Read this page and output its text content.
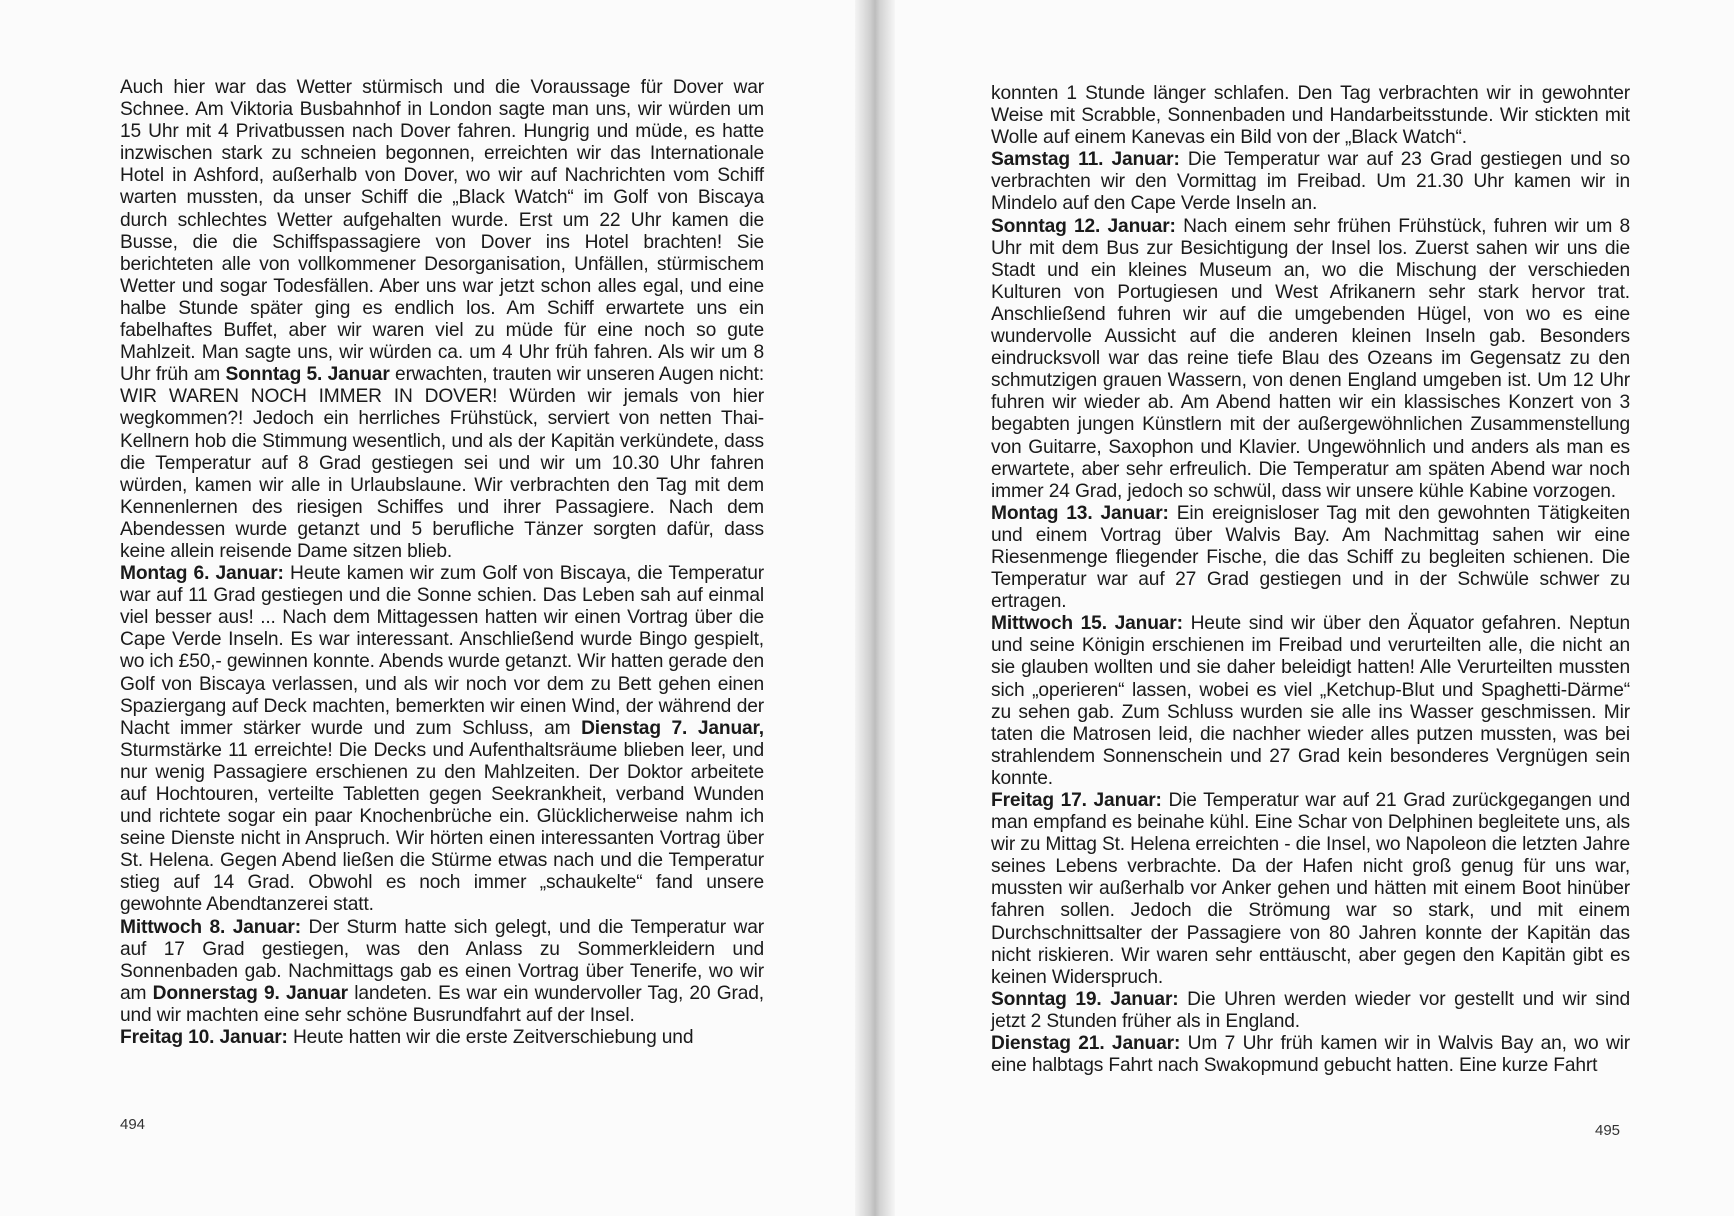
Auch hier war das Wetter stürmisch und die Voraussage für Dover war Schnee. Am Viktoria Busbahnhof in London sagte man uns, wir würden um 15 Uhr mit 4 Privatbussen nach Dover fahren. Hungrig und müde, es hatte inzwischen stark zu schneien begonnen, erreichten wir das Internationale Hotel in Ashford, außerhalb von Dover, wo wir auf Nachrichten vom Schiff warten mussten, da unser Schiff die „Black Watch“ im Golf von Biscaya durch schlechtes Wetter aufgehalten wurde. Erst um 22 Uhr kamen die Busse, die die Schiffspassagiere von Dover ins Hotel brachten! Sie berichteten alle von vollkommener Desorganisation, Unfällen, stürmischem Wetter und sogar Todesfällen. Aber uns war jetzt schon alles egal, und eine halbe Stunde später ging es endlich los. Am Schiff erwartete uns ein fabelhaftes Buffet, aber wir waren viel zu müde für eine noch so gute Mahlzeit. Man sagte uns, wir würden ca. um 4 Uhr früh fahren. Als wir um 8 Uhr früh am Sonntag 5. Januar erwachten, trauten wir unseren Augen nicht: WIR WAREN NOCH IMMER IN DOVER! Würden wir jemals von hier wegkommen?! Jedoch ein herrliches Frühstück, serviert von netten Thai-Kellnern hob die Stimmung wesentlich, und als der Kapitän verkündete, dass die Temperatur auf 8 Grad gestiegen sei und wir um 10.30 Uhr fahren würden, kamen wir alle in Urlaubslaune. Wir verbrachten den Tag mit dem Kennenlernen des riesigen Schiffes und ihrer Passagiere. Nach dem Abendessen wurde getanzt und 5 berufliche Tänzer sorgten dafür, dass keine allein reisende Dame sitzen blieb.

Montag 6. Januar: Heute kamen wir zum Golf von Biscaya, die Temperatur war auf 11 Grad gestiegen und die Sonne schien. Das Leben sah auf einmal viel besser aus! ... Nach dem Mittagessen hatten wir einen Vortrag über die Cape Verde Inseln. Es war interessant. Anschließend wurde Bingo gespielt, wo ich £50,- gewinnen konnte. Abends wurde getanzt. Wir hatten gerade den Golf von Biscaya verlassen, und als wir noch vor dem zu Bett gehen einen Spaziergang auf Deck machten, bemerkten wir einen Wind, der während der Nacht immer stärker wurde und zum Schluss, am Dienstag 7. Januar, Sturmstärke 11 erreichte! Die Decks und Aufenthaltsräume blieben leer, und nur wenig Passagiere erschienen zu den Mahlzeiten. Der Doktor arbeitete auf Hochtouren, verteilte Tabletten gegen Seekrankheit, verband Wunden und richtete sogar ein paar Knochenbrüche ein. Glücklicherweise nahm ich seine Dienste nicht in Anspruch. Wir hörten einen interessanten Vortrag über St. Helena. Gegen Abend ließen die Stürme etwas nach und die Temperatur stieg auf 14 Grad. Obwohl es noch immer „schaukelte“ fand unsere gewohnte Abendtanzerei statt.

Mittwoch 8. Januar: Der Sturm hatte sich gelegt, und die Temperatur war auf 17 Grad gestiegen, was den Anlass zu Sommerkleidern und Sonnenbaden gab. Nachmittags gab es einen Vortrag über Tenerife, wo wir am Donnerstag 9. Januar landeten. Es war ein wundervoller Tag, 20 Grad, und wir machten eine sehr schöne Busrundfahrt auf der Insel.

Freitag 10. Januar: Heute hatten wir die erste Zeitverschiebung und

494

konnten 1 Stunde länger schlafen. Den Tag verbrachten wir in gewohnter Weise mit Scrabble, Sonnenbaden und Handarbeitsstunde. Wir stickten mit Wolle auf einem Kanevas ein Bild von der „Black Watch“.

Samstag 11. Januar: Die Temperatur war auf 23 Grad gestiegen und so verbrachten wir den Vormittag im Freibad. Um 21.30 Uhr kamen wir in Mindelo auf den Cape Verde Inseln an.

Sonntag 12. Januar: Nach einem sehr frühen Frühstück, fuhren wir um 8 Uhr mit dem Bus zur Besichtigung der Insel los. Zuerst sahen wir uns die Stadt und ein kleines Museum an, wo die Mischung der verschieden Kulturen von Portugiesen und West Afrikanern sehr stark hervor trat. Anschließend fuhren wir auf die umgebenden Hügel, von wo es eine wundervolle Aussicht auf die anderen kleinen Inseln gab. Besonders eindrucksvoll war das reine tiefe Blau des Ozeans im Gegensatz zu den schmutzigen grauen Wassern, von denen England umgeben ist. Um 12 Uhr fuhren wir wieder ab. Am Abend hatten wir ein klassisches Konzert von 3 begabten jungen Künstlern mit der außergewöhnlichen Zusammenstellung von Guitarre, Saxophon und Klavier. Ungewöhnlich und anders als man es erwartete, aber sehr erfreulich. Die Temperatur am späten Abend war noch immer 24 Grad, jedoch so schwül, dass wir unsere kühle Kabine vorzogen.

Montag 13. Januar: Ein ereignisloser Tag mit den gewohnten Tätigkeiten und einem Vortrag über Walvis Bay. Am Nachmittag sahen wir eine Riesenmenge fliegender Fische, die das Schiff zu begleiten schienen. Die Temperatur war auf 27 Grad gestiegen und in der Schwüle schwer zu ertragen.

Mittwoch 15. Januar: Heute sind wir über den Äquator gefahren. Neptun und seine Königin erschienen im Freibad und verurteilten alle, die nicht an sie glauben wollten und sie daher beleidigt hatten! Alle Verurteilten mussten sich „operieren“ lassen, wobei es viel „Ketchup-Blut und Spaghetti-Därme“ zu sehen gab. Zum Schluss wurden sie alle ins Wasser geschmissen. Mir taten die Matrosen leid, die nachher wieder alles putzen mussten, was bei strahlendem Sonnenschein und 27 Grad kein besonderes Vergnügen sein konnte.

Freitag 17. Januar: Die Temperatur war auf 21 Grad zurückgegangen und man empfand es beinahe kühl. Eine Schar von Delphinen begleitete uns, als wir zu Mittag St. Helena erreichten - die Insel, wo Napoleon die letzten Jahre seines Lebens verbrachte. Da der Hafen nicht groß genug für uns war, mussten wir außerhalb vor Anker gehen und hätten mit einem Boot hinüber fahren sollen. Jedoch die Strömung war so stark, und mit einem Durchschnittsalter der Passagiere von 80 Jahren konnte der Kapitän das nicht riskieren. Wir waren sehr enttäuscht, aber gegen den Kapitän gibt es keinen Widerspruch.

Sonntag 19. Januar: Die Uhren werden wieder vor gestellt und wir sind jetzt 2 Stunden früher als in England.

Dienstag 21. Januar: Um 7 Uhr früh kamen wir in Walvis Bay an, wo wir eine halbtags Fahrt nach Swakopmund gebucht hatten. Eine kurze Fahrt

495
